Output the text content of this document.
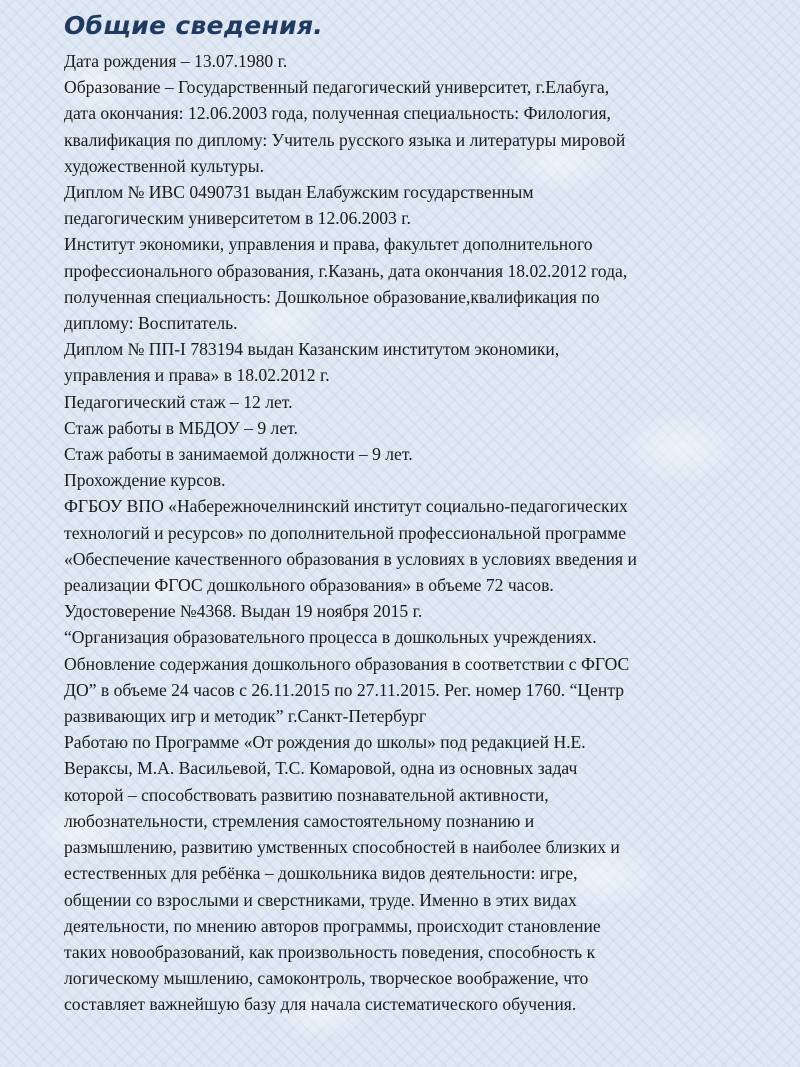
Общие сведения.
Дата рождения – 13.07.1980 г.
Образование – Государственный педагогический университет, г.Елабуга,
дата окончания: 12.06.2003 года, полученная специальность: Филология,
квалификация по диплому: Учитель русского языка и литературы мировой
художественной культуры.
Диплом № ИВС 0490731 выдан Елабужским государственным
педагогическим университетом в 12.06.2003 г.
Институт экономики, управления и права, факультет дополнительного
профессионального образования, г.Казань, дата окончания 18.02.2012 года,
полученная специальность: Дошкольное образование,квалификация по
диплому: Воспитатель.
Диплом № ПП-I 783194 выдан Казанским институтом экономики,
управления и права» в 18.02.2012 г.
Педагогический стаж – 12 лет.
Стаж работы в МБДОУ – 9 лет.
Стаж работы в занимаемой должности – 9 лет.
Прохождение курсов.
ФГБОУ ВПО «Набережночелнинский институт социально-педагогических
технологий и ресурсов» по дополнительной профессиональной программе
«Обеспечение качественного образования в условиях в условиях введения и
реализации ФГОС дошкольного образования» в объеме 72 часов.
Удостоверение №4368. Выдан 19 ноября 2015 г.
“Организация образовательного процесса в дошкольных учреждениях.
Обновление содержания дошкольного образования в соответствии с ФГОС
ДО” в объеме 24 часов с 26.11.2015 по 27.11.2015. Рег. номер 1760. “Центр
развивающих игр и методик” г.Санкт-Петербург
Работаю по Программе «От рождения до школы» под редакцией Н.Е.
Веракcы, М.А. Васильевой, Т.С. Комаровой, одна из основных задач
которой – способствовать развитию познавательной активности,
любознательности, стремления самостоятельному познанию и
размышлению, развитию умственных способностей в наиболее близких и
естественных для ребёнка – дошкольника видов деятельности: игре,
общении со взрослыми и сверстниками, труде. Именно в этих видах
деятельности, по мнению авторов программы, происходит становление
таких новообразований, как произвольность поведения, способность к
логическому мышлению, самоконтроль, творческое воображение, что
составляет важнейшую базу для начала систематического обучения.
